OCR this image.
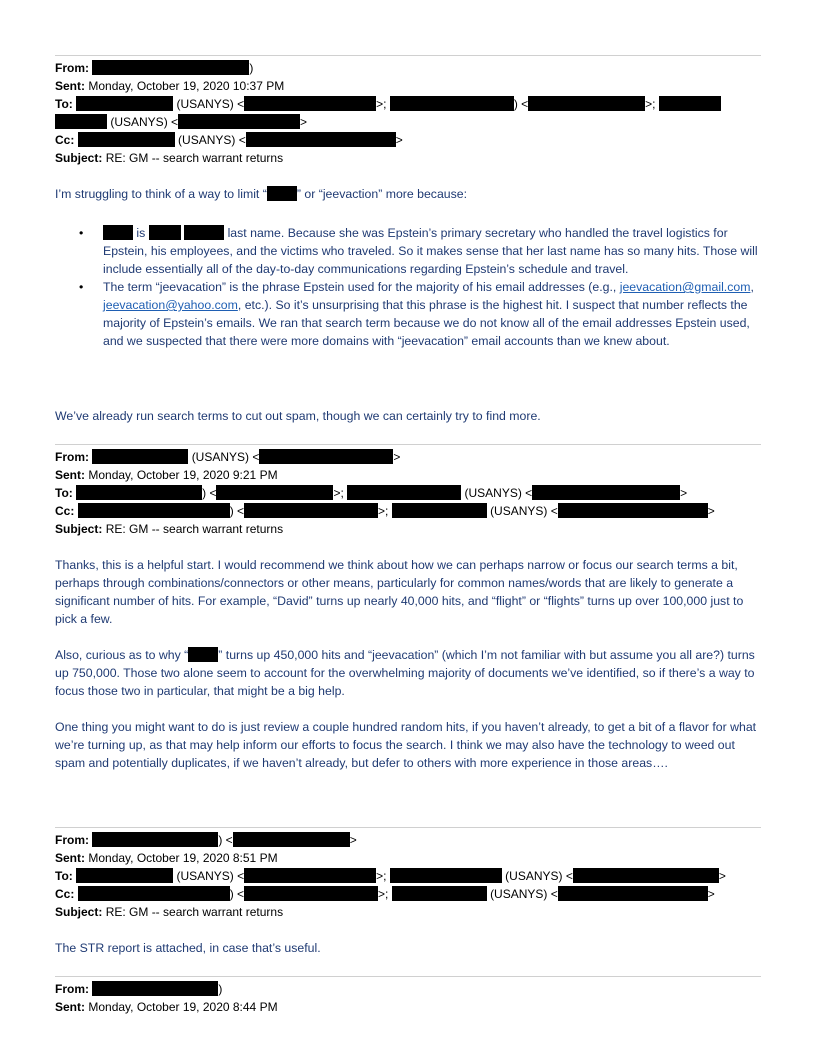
From:	)
Sent: Monday, October 19, 2020 10:37 PM
To:	(USANYS) <	>;	) <	>;
(USANYS) <	>
Cc:	(USANYS) <	>
Subject: RE: GM -- search warrant returns

I’m struggling to think of a way to limit “ ” or “jeevaction” more because:

• is	last name. Because she was Epstein’s primary secretary who handled the travel logistics for Epstein, his employees, and the victims who traveled. So it makes sense that her last name has so many hits. Those will include essentially all of the day-to-day communications regarding Epstein’s schedule and travel.
• The term “jeevacation” is the phrase Epstein used for the majority of his email addresses (e.g., jeevacation@gmail.com, jeevacation@yahoo.com, etc.). So it’s unsurprising that this phrase is the highest hit. I suspect that number reflects the majority of Epstein’s emails. We ran that search term because we do not know all of the email addresses Epstein used, and we suspected that there were more domains with “jeevacation” email accounts than we knew about.

We’ve already run search terms to cut out spam, though we can certainly try to find more.

From:	(USANYS) <	>
Sent: Monday, October 19, 2020 9:21 PM
To:	) <	>;	(USANYS) <	>
Cc:	) <	>;	(USANYS) <	>
Subject: RE: GM -- search warrant returns

Thanks, this is a helpful start. I would recommend we think about how we can perhaps narrow or focus our search terms a bit, perhaps through combinations/connectors or other means, particularly for common names/words that are likely to generate a significant number of hits. For example, “David” turns up nearly 40,000 hits, and “flight” or “flights” turns up over 100,000 just to pick a few.

Also, curious as to why “ ” turns up 450,000 hits and “jeevacation” (which I’m not familiar with but assume you all are?) turns up 750,000. Those two alone seem to account for the overwhelming majority of documents we’ve identified, so if there’s a way to focus those two in particular, that might be a big help.

One thing you might want to do is just review a couple hundred random hits, if you haven’t already, to get a bit of a flavor for what we’re turning up, as that may help inform our efforts to focus the search. I think we may also have the technology to weed out spam and potentially duplicates, if we haven’t already, but defer to others with more experience in those areas….

From:	) <	>
Sent: Monday, October 19, 2020 8:51 PM
To:	(USANYS) <	>;	(USANYS) <	>
Cc:	) <	>;	(USANYS) <	>
Subject: RE: GM -- search warrant returns

The STR report is attached, in case that’s useful.

From:	)
Sent: Monday, October 19, 2020 8:44 PM
